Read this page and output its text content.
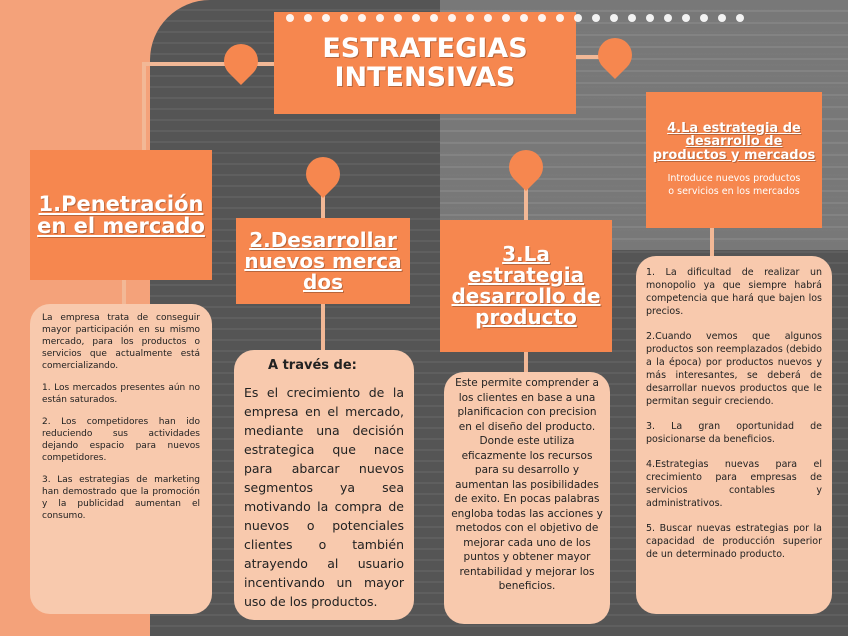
ESTRATEGIAS INTENSIVAS
1.Penetración en el mercado

La empresa trata de conseguir mayor participación en su mismo mercado, para los productos o servicios que actualmente está comercializando.

1. Los mercados presentes aún no están saturados.

2. Los competidores han ido reduciendo sus actividades dejando espacio para nuevos competidores.

3. Las estrategias de marketing han demostrado que la promoción y la publicidad aumentan el consumo.

2.Desarrollar nuevos mercados

A través de:

Es el crecimiento de la empresa en el mercado, mediante una decisión estrategica que nace para abarcar nuevos segmentos ya sea motivando la compra de nuevos o potenciales clientes o también atrayendo al usuario incentivando un mayor uso de los productos.

3.La estrategia desarrollo de producto

Este permite comprender a los clientes en base a una planificacion con precision en el diseño del producto. Donde este utiliza eficazmente los recursos para su desarrollo y aumentan las posibilidades de exito. En pocas palabras engloba todas las acciones y metodos con el objetivo de mejorar cada uno de los puntos y obtener mayor rentabilidad y mejorar los beneficios.

4.La estrategia de desarrollo de productos y mercados
Introduce nuevos productos o servicios en los mercados

1. La dificultad de realizar un monopolio ya que siempre habrá competencia que hará que bajen los precios.

2.Cuando vemos que algunos productos son reemplazados (debido a la época) por productos nuevos y más interesantes, se deberá de desarrollar nuevos productos que le permitan seguir creciendo.

3. La gran oportunidad de posicionarse da beneficios.

4.Estrategias nuevas para el crecimiento para empresas de servicios contables y administrativos.

5. Buscar nuevas estrategias por la capacidad de producción superior de un determinado producto.
